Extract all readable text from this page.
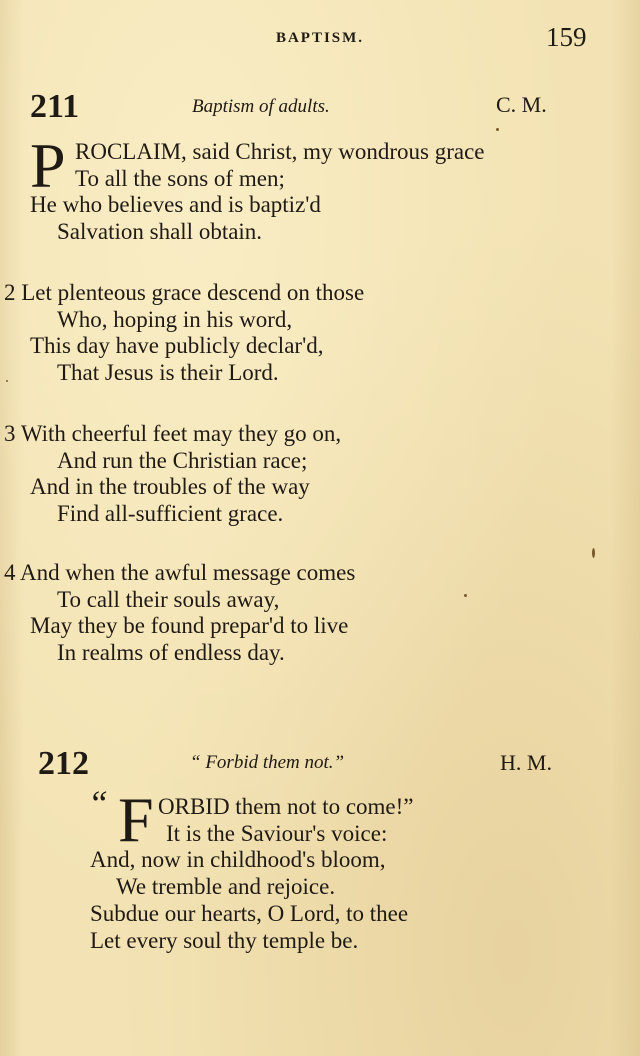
BAPTISM.	159
211	Baptism of adults.	C. M.
P ROCLAIM, said Christ, my wondrous grace
To all the sons of men;
He who believes and is baptiz'd
Salvation shall obtain.
2 Let plenteous grace descend on those
Who, hoping in his word,
This day have publicly declar'd,
That Jesus is their Lord.
3 With cheerful feet may they go on,
And run the Christian race;
And in the troubles of the way
Find all-sufficient grace.
4 And when the awful message comes
To call their souls away,
May they be found prepar'd to live
In realms of endless day.
212	“ Forbid them not.”	H. M.
“ F ORBID them not to come!”
It is the Saviour's voice:
And, now in childhood's bloom,
We tremble and rejoice.
Subdue our hearts, O Lord, to thee
Let every soul thy temple be.
